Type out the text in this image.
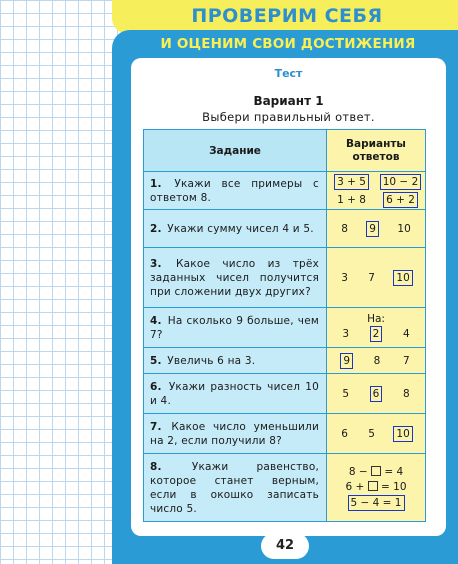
ПРОВЕРИМ СЕБЯ
И ОЦЕНИМ СВОИ ДОСТИЖЕНИЯ
Тест
Вариант 1
Выбери правильный ответ.
Задание	Варианты ответов
1. Укажи все примеры с ответом 8.	3 + 5 10 − 2
1 + 8 6 + 2

2. Укажи сумму чисел 4 и 5.	8 9 10

3. Какое число из трёх заданных чисел получится при сложении двух других?	3 7 10

4. На сколько 9 больше, чем 7?	На:
3 2 4

5. Увеличь 6 на 3.	9 8 7

6. Укажи разность чисел 10 и 4.	5 6 8

7. Какое число уменьшили на 2, если получили 8?	6 5 10

8. Укажи равенство, которое станет верным, если в окошко записать число 5.	8 − = 4
6 + = 10
5 − 4 = 1
42
